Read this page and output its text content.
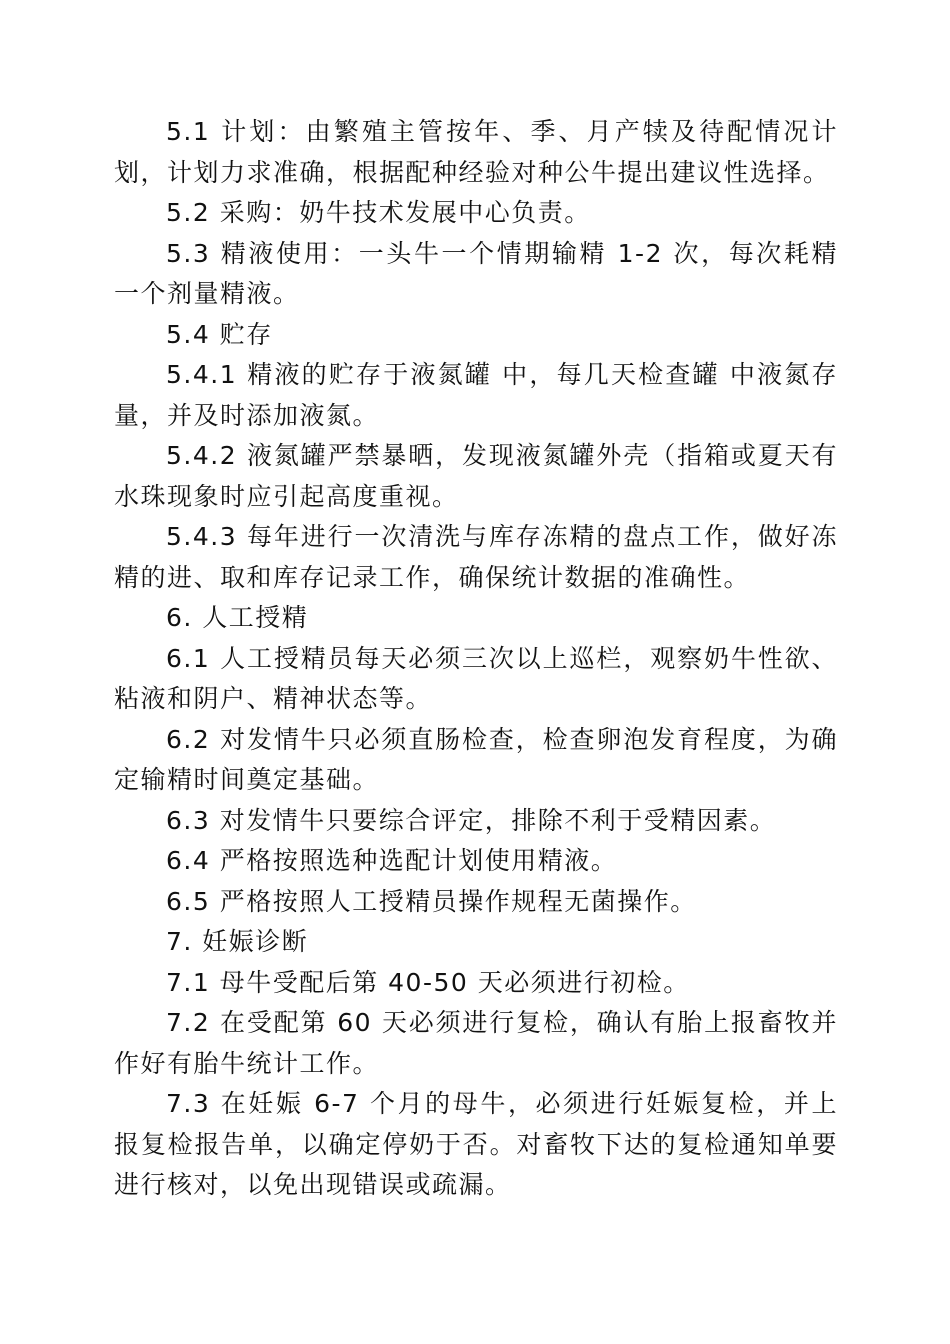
5.1 计划：由繁殖主管按年、季、月产犊及待配情况计划，计划力求准确，根据配种经验对种公牛提出建议性选择。

5.2 采购：奶牛技术发展中心负责。

5.3 精液使用：一头牛一个情期输精 1-2 次，每次耗精一个剂量精液。

5.4 贮存

5.4.1 精液的贮存于液氮罐 中，每几天检查罐 中液氮存量，并及时添加液氮。

5.4.2 液氮罐严禁暴晒，发现液氮罐外壳（指箱或夏天有水珠现象时应引起高度重视。

5.4.3 每年进行一次清洗与库存冻精的盘点工作，做好冻精的进、取和库存记录工作，确保统计数据的准确性。

6. 人工授精

6.1 人工授精员每天必须三次以上巡栏，观察奶牛性欲、粘液和阴户、精神状态等。

6.2 对发情牛只必须直肠检查，检查卵泡发育程度，为确定输精时间奠定基础。

6.3 对发情牛只要综合评定，排除不利于受精因素。

6.4 严格按照选种选配计划使用精液。

6.5 严格按照人工授精员操作规程无菌操作。

7. 妊娠诊断

7.1 母牛受配后第 40-50 天必须进行初检。

7.2 在受配第 60 天必须进行复检，确认有胎上报畜牧并作好有胎牛统计工作。

7.3 在妊娠 6-7 个月的母牛，必须进行妊娠复检，并上报复检报告单，以确定停奶于否。对畜牧下达的复检通知单要进行核对，以免出现错误或疏漏。
